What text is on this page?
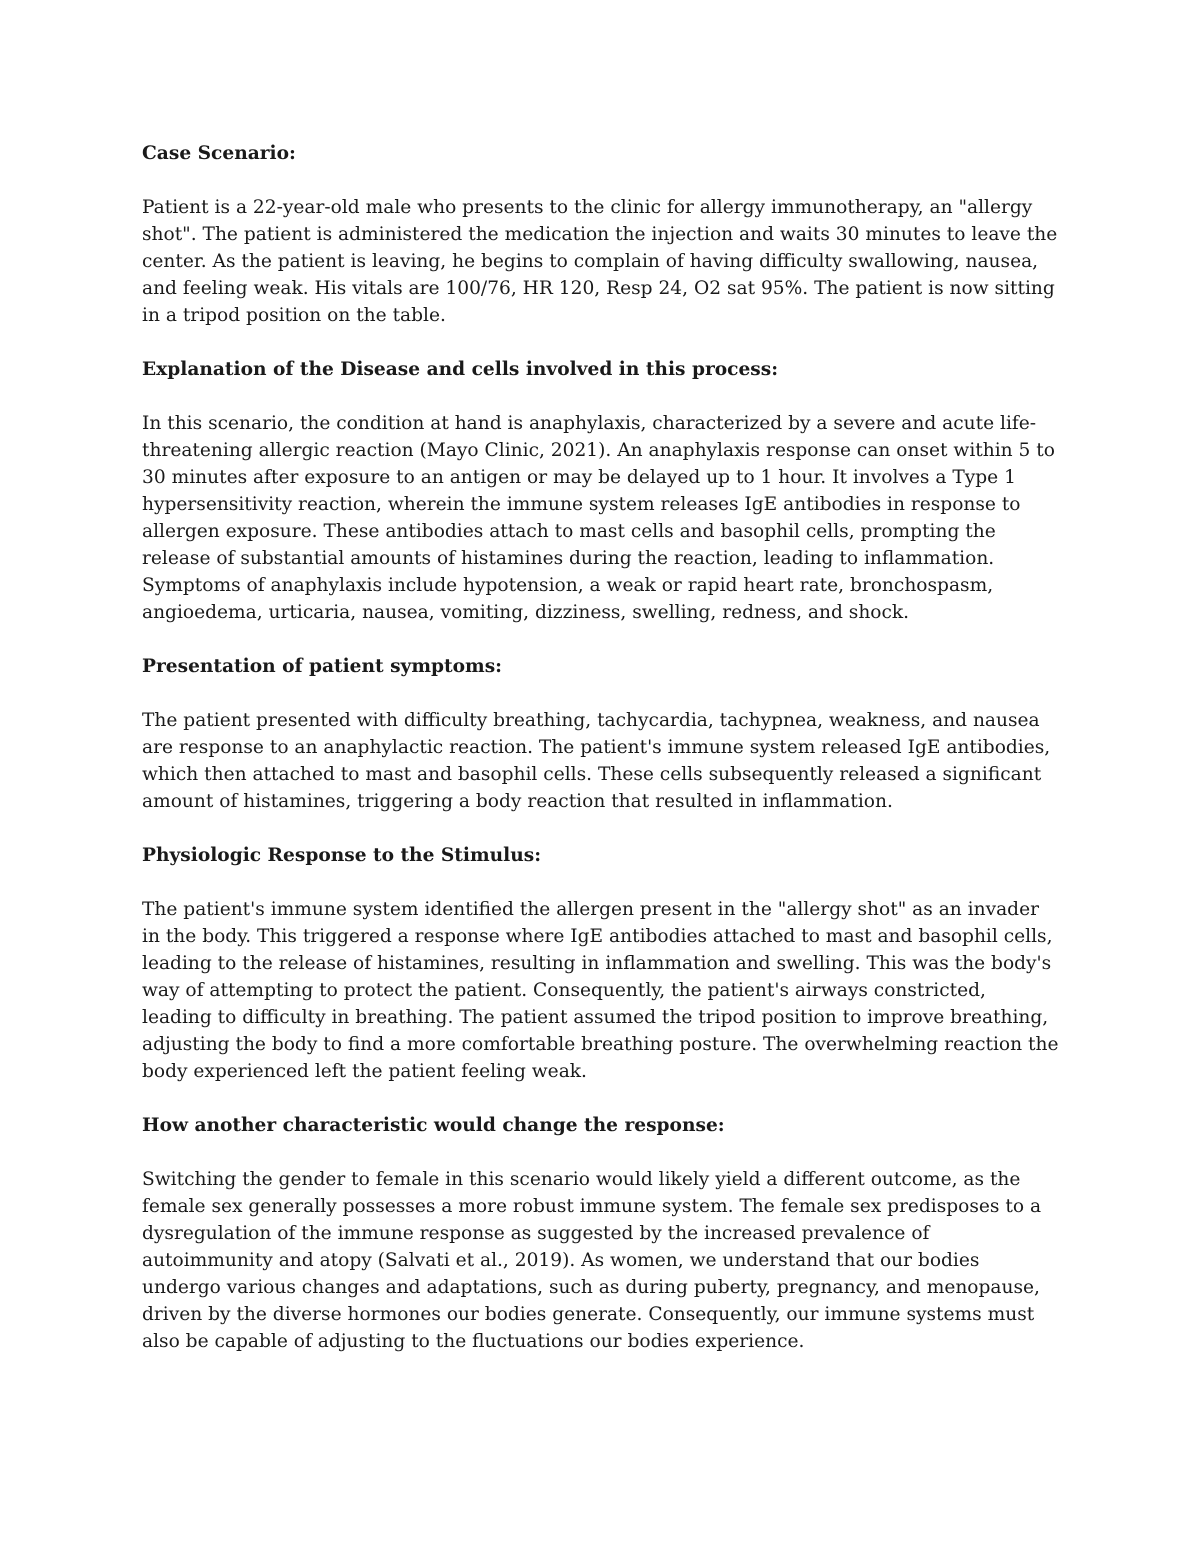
Case Scenario:

Patient is a 22-year-old male who presents to the clinic for allergy immunotherapy, an "allergy shot". The patient is administered the medication the injection and waits 30 minutes to leave the center. As the patient is leaving, he begins to complain of having difficulty swallowing, nausea, and feeling weak. His vitals are 100/76, HR 120, Resp 24, O2 sat 95%. The patient is now sitting in a tripod position on the table.

Explanation of the Disease and cells involved in this process:

In this scenario, the condition at hand is anaphylaxis, characterized by a severe and acute life-threatening allergic reaction (Mayo Clinic, 2021). An anaphylaxis response can onset within 5 to 30 minutes after exposure to an antigen or may be delayed up to 1 hour. It involves a Type 1 hypersensitivity reaction, wherein the immune system releases IgE antibodies in response to allergen exposure. These antibodies attach to mast cells and basophil cells, prompting the release of substantial amounts of histamines during the reaction, leading to inflammation. Symptoms of anaphylaxis include hypotension, a weak or rapid heart rate, bronchospasm, angioedema, urticaria, nausea, vomiting, dizziness, swelling, redness, and shock.

Presentation of patient symptoms:

The patient presented with difficulty breathing, tachycardia, tachypnea, weakness, and nausea are response to an anaphylactic reaction. The patient's immune system released IgE antibodies, which then attached to mast and basophil cells. These cells subsequently released a significant amount of histamines, triggering a body reaction that resulted in inflammation.

Physiologic Response to the Stimulus:

The patient's immune system identified the allergen present in the "allergy shot" as an invader in the body. This triggered a response where IgE antibodies attached to mast and basophil cells, leading to the release of histamines, resulting in inflammation and swelling. This was the body's way of attempting to protect the patient. Consequently, the patient's airways constricted, leading to difficulty in breathing. The patient assumed the tripod position to improve breathing, adjusting the body to find a more comfortable breathing posture. The overwhelming reaction the body experienced left the patient feeling weak.

How another characteristic would change the response:

Switching the gender to female in this scenario would likely yield a different outcome, as the female sex generally possesses a more robust immune system. The female sex predisposes to a dysregulation of the immune response as suggested by the increased prevalence of autoimmunity and atopy (Salvati et al., 2019). As women, we understand that our bodies undergo various changes and adaptations, such as during puberty, pregnancy, and menopause, driven by the diverse hormones our bodies generate. Consequently, our immune systems must also be capable of adjusting to the fluctuations our bodies experience.
